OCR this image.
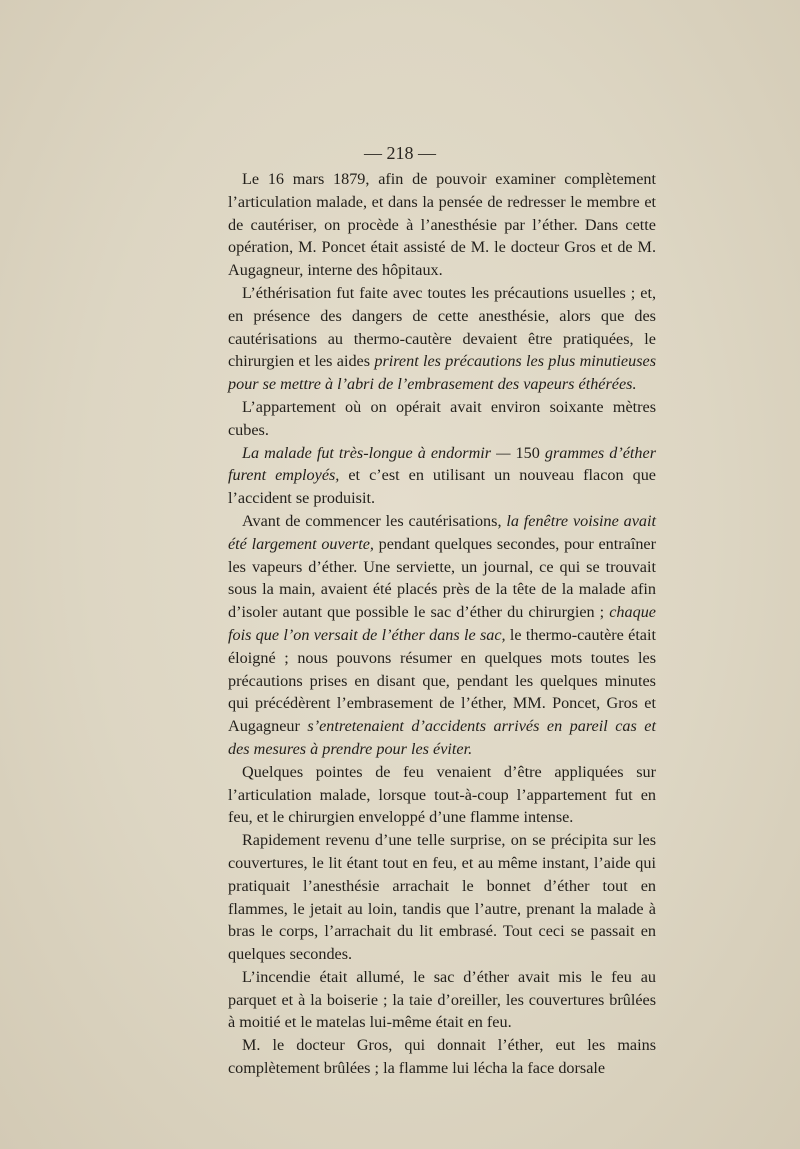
— 218 —

Le 16 mars 1879, afin de pouvoir examiner complètement l’articulation malade, et dans la pensée de redresser le membre et de cautériser, on procède à l’anesthésie par l’éther. Dans cette opération, M. Poncet était assisté de M. le docteur Gros et de M. Augagneur, interne des hôpitaux.

L’éthérisation fut faite avec toutes les précautions usuelles ; et, en présence des dangers de cette anesthésie, alors que des cautérisations au thermo-cautère devaient être pratiquées, le chirurgien et les aides prirent les précautions les plus minutieuses pour se mettre à l’abri de l’embrasement des vapeurs éthérées.

L’appartement où on opérait avait environ soixante mètres cubes.

La malade fut très-longue à endormir — 150 grammes d’éther furent employés, et c’est en utilisant un nouveau flacon que l’accident se produisit.

Avant de commencer les cautérisations, la fenêtre voisine avait été largement ouverte, pendant quelques secondes, pour entraîner les vapeurs d’éther. Une serviette, un journal, ce qui se trouvait sous la main, avaient été placés près de la tête de la malade afin d’isoler autant que possible le sac d’éther du chirurgien ; chaque fois que l’on versait de l’éther dans le sac, le thermo-cautère était éloigné ; nous pouvons résumer en quelques mots toutes les précautions prises en disant que, pendant les quelques minutes qui précédèrent l’embrasement de l’éther, MM. Poncet, Gros et Augagneur s’entretenaient d’accidents arrivés en pareil cas et des mesures à prendre pour les éviter.

Quelques pointes de feu venaient d’être appliquées sur l’articulation malade, lorsque tout-à-coup l’appartement fut en feu, et le chirurgien enveloppé d’une flamme intense.

Rapidement revenu d’une telle surprise, on se précipita sur les couvertures, le lit étant tout en feu, et au même instant, l’aide qui pratiquait l’anesthésie arrachait le bonnet d’éther tout en flammes, le jetait au loin, tandis que l’autre, prenant la malade à bras le corps, l’arrachait du lit embrasé. Tout ceci se passait en quelques secondes.

L’incendie était allumé, le sac d’éther avait mis le feu au parquet et à la boiserie ; la taie d’oreiller, les couvertures brûlées à moitié et le matelas lui-même était en feu.

M. le docteur Gros, qui donnait l’éther, eut les mains complètement brûlées ; la flamme lui lécha la face dorsale
